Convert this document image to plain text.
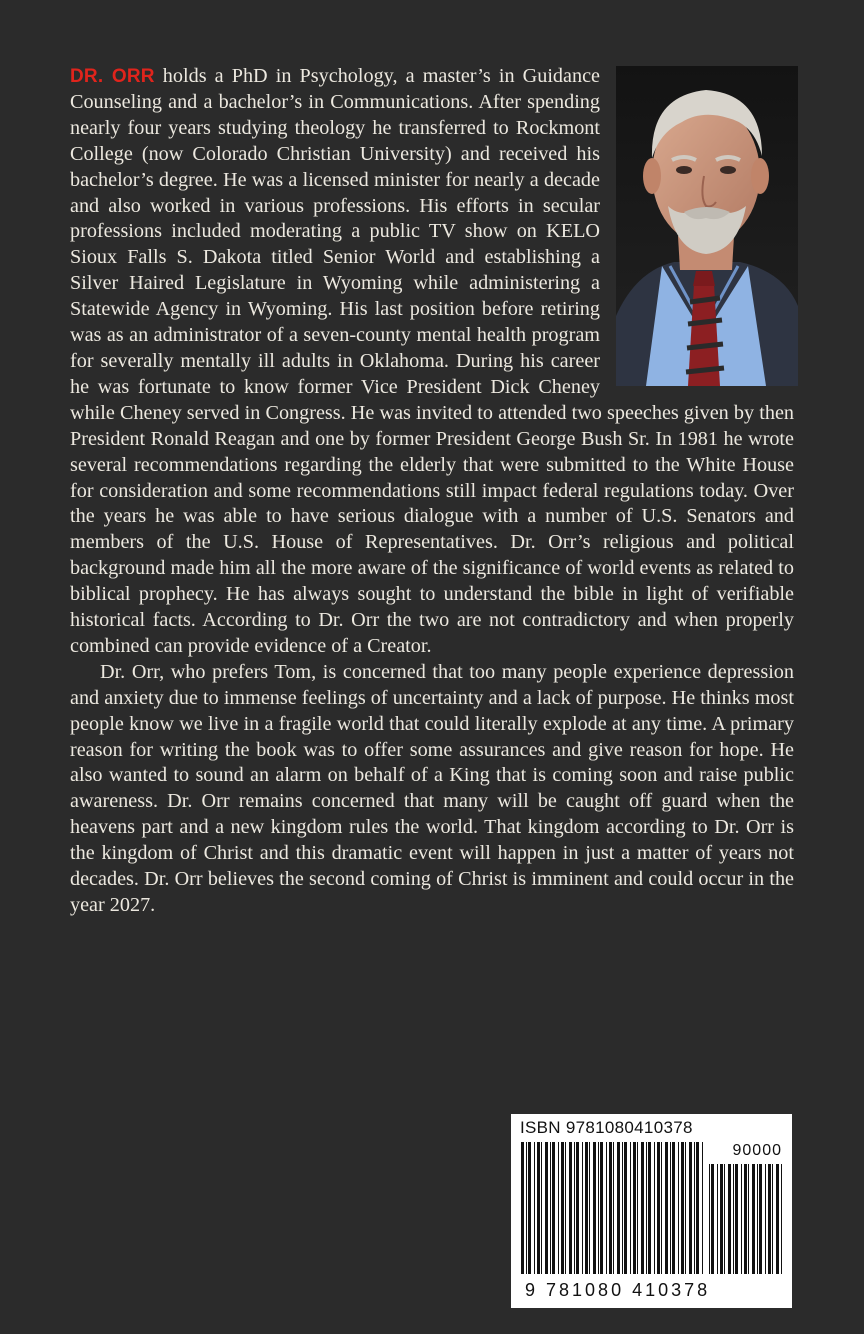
DR. ORR holds a PhD in Psychology, a master’s in Guidance Counseling and a bachelor’s in Communications. After spending nearly four years studying theology he transferred to Rockmont College (now Colorado Christian University) and received his bachelor’s degree. He was a licensed minister for nearly a decade and also worked in various professions. His efforts in secular professions included moderating a public TV show on KELO Sioux Falls S. Dakota titled Senior World and establishing a Silver Haired Legislature in Wyoming while administering a Statewide Agency in Wyoming. His last position before retiring was as an administrator of a seven-county mental health program for severally mentally ill adults in Oklahoma. During his career he was fortunate to know former Vice President Dick Cheney while Cheney served in Congress. He was invited to attended two speeches given by then President Ronald Reagan and one by former President George Bush Sr. In 1981 he wrote several recommendations regarding the elderly that were submitted to the White House for consideration and some recommendations still impact federal regulations today. Over the years he was able to have serious dialogue with a number of U.S. Senators and members of the U.S. House of Representatives. Dr. Orr’s religious and political background made him all the more aware of the significance of world events as related to biblical prophecy. He has always sought to understand the bible in light of verifiable historical facts. According to Dr. Orr the two are not contradictory and when properly combined can provide evidence of a Creator.

Dr. Orr, who prefers Tom, is concerned that too many people experience depression and anxiety due to immense feelings of uncertainty and a lack of purpose. He thinks most people know we live in a fragile world that could literally explode at any time. A primary reason for writing the book was to offer some assurances and give reason for hope. He also wanted to sound an alarm on behalf of a King that is coming soon and raise public awareness. Dr. Orr remains concerned that many will be caught off guard when the heavens part and a new kingdom rules the world. That kingdom according to Dr. Orr is the kingdom of Christ and this dramatic event will happen in just a matter of years not decades. Dr. Orr believes the second coming of Christ is imminent and could occur in the year 2027.

ISBN 9781080410378
90000
9 781080 410378
